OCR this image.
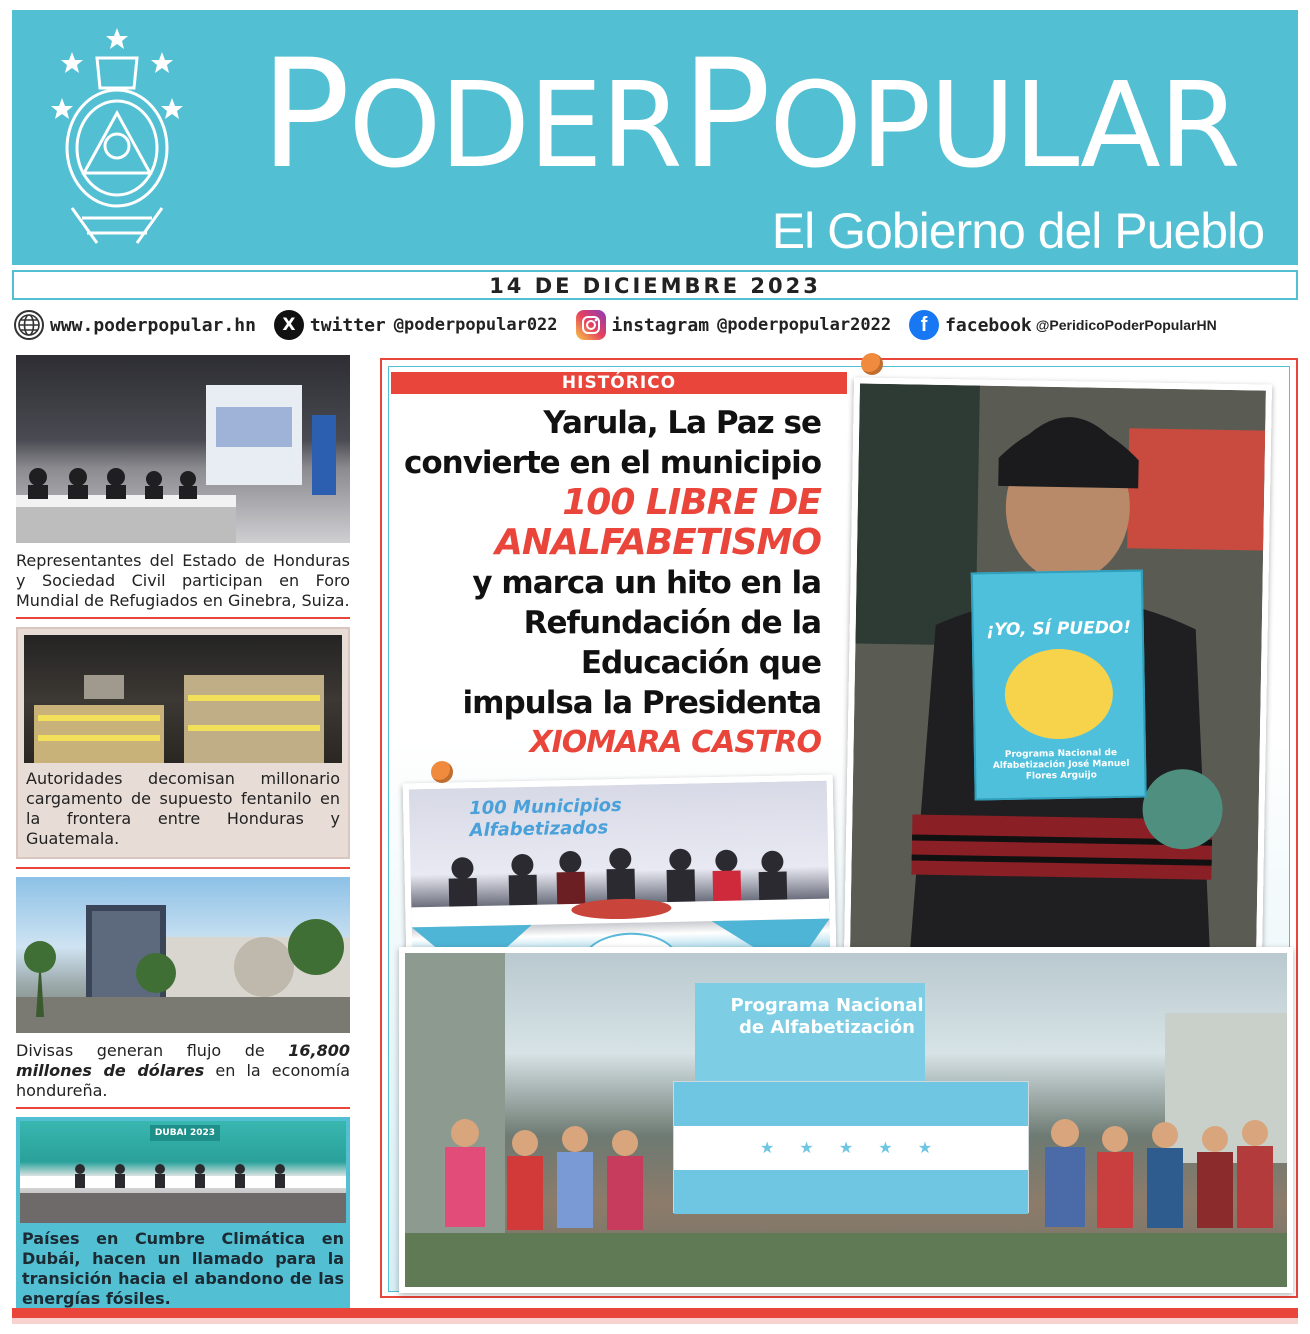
PODERPOPULAR
El Gobierno del Pueblo
14 DE DICIEMBRE 2023
www.poderpopular.hn	X twitter @poderpopular022	instagram @poderpopular2022	f facebook @PeridicoPoderPopularHN

Representantes del Estado de Honduras y Sociedad Civil participan en Foro Mundial de Refugiados en Ginebra, Suiza.

Autoridades decomisan millonario cargamento de supuesto fentanilo en la frontera entre Honduras y Guatemala.

Divisas generan flujo de 16,800 millones de dólares en la economía hondureña.

DUBAI 2023

Países en Cumbre Climática en Dubái, hacen un llamado para la transición hacia el abandono de las energías fósiles.

HISTÓRICO
Yarula, La Paz se
convierte en el municipio
100 LIBRE DE
ANALFABETISMO
y marca un hito en la
Refundación de la
Educación que
impulsa la Presidenta
XIOMARA CASTRO
¡YO, SÍ PUEDO!
Programa Nacional de Alfabetización José Manuel Flores Arguijo
100 Municipios Alfabetizados
Programa Nacional de Alfabetización
★ ★ ★ ★ ★
